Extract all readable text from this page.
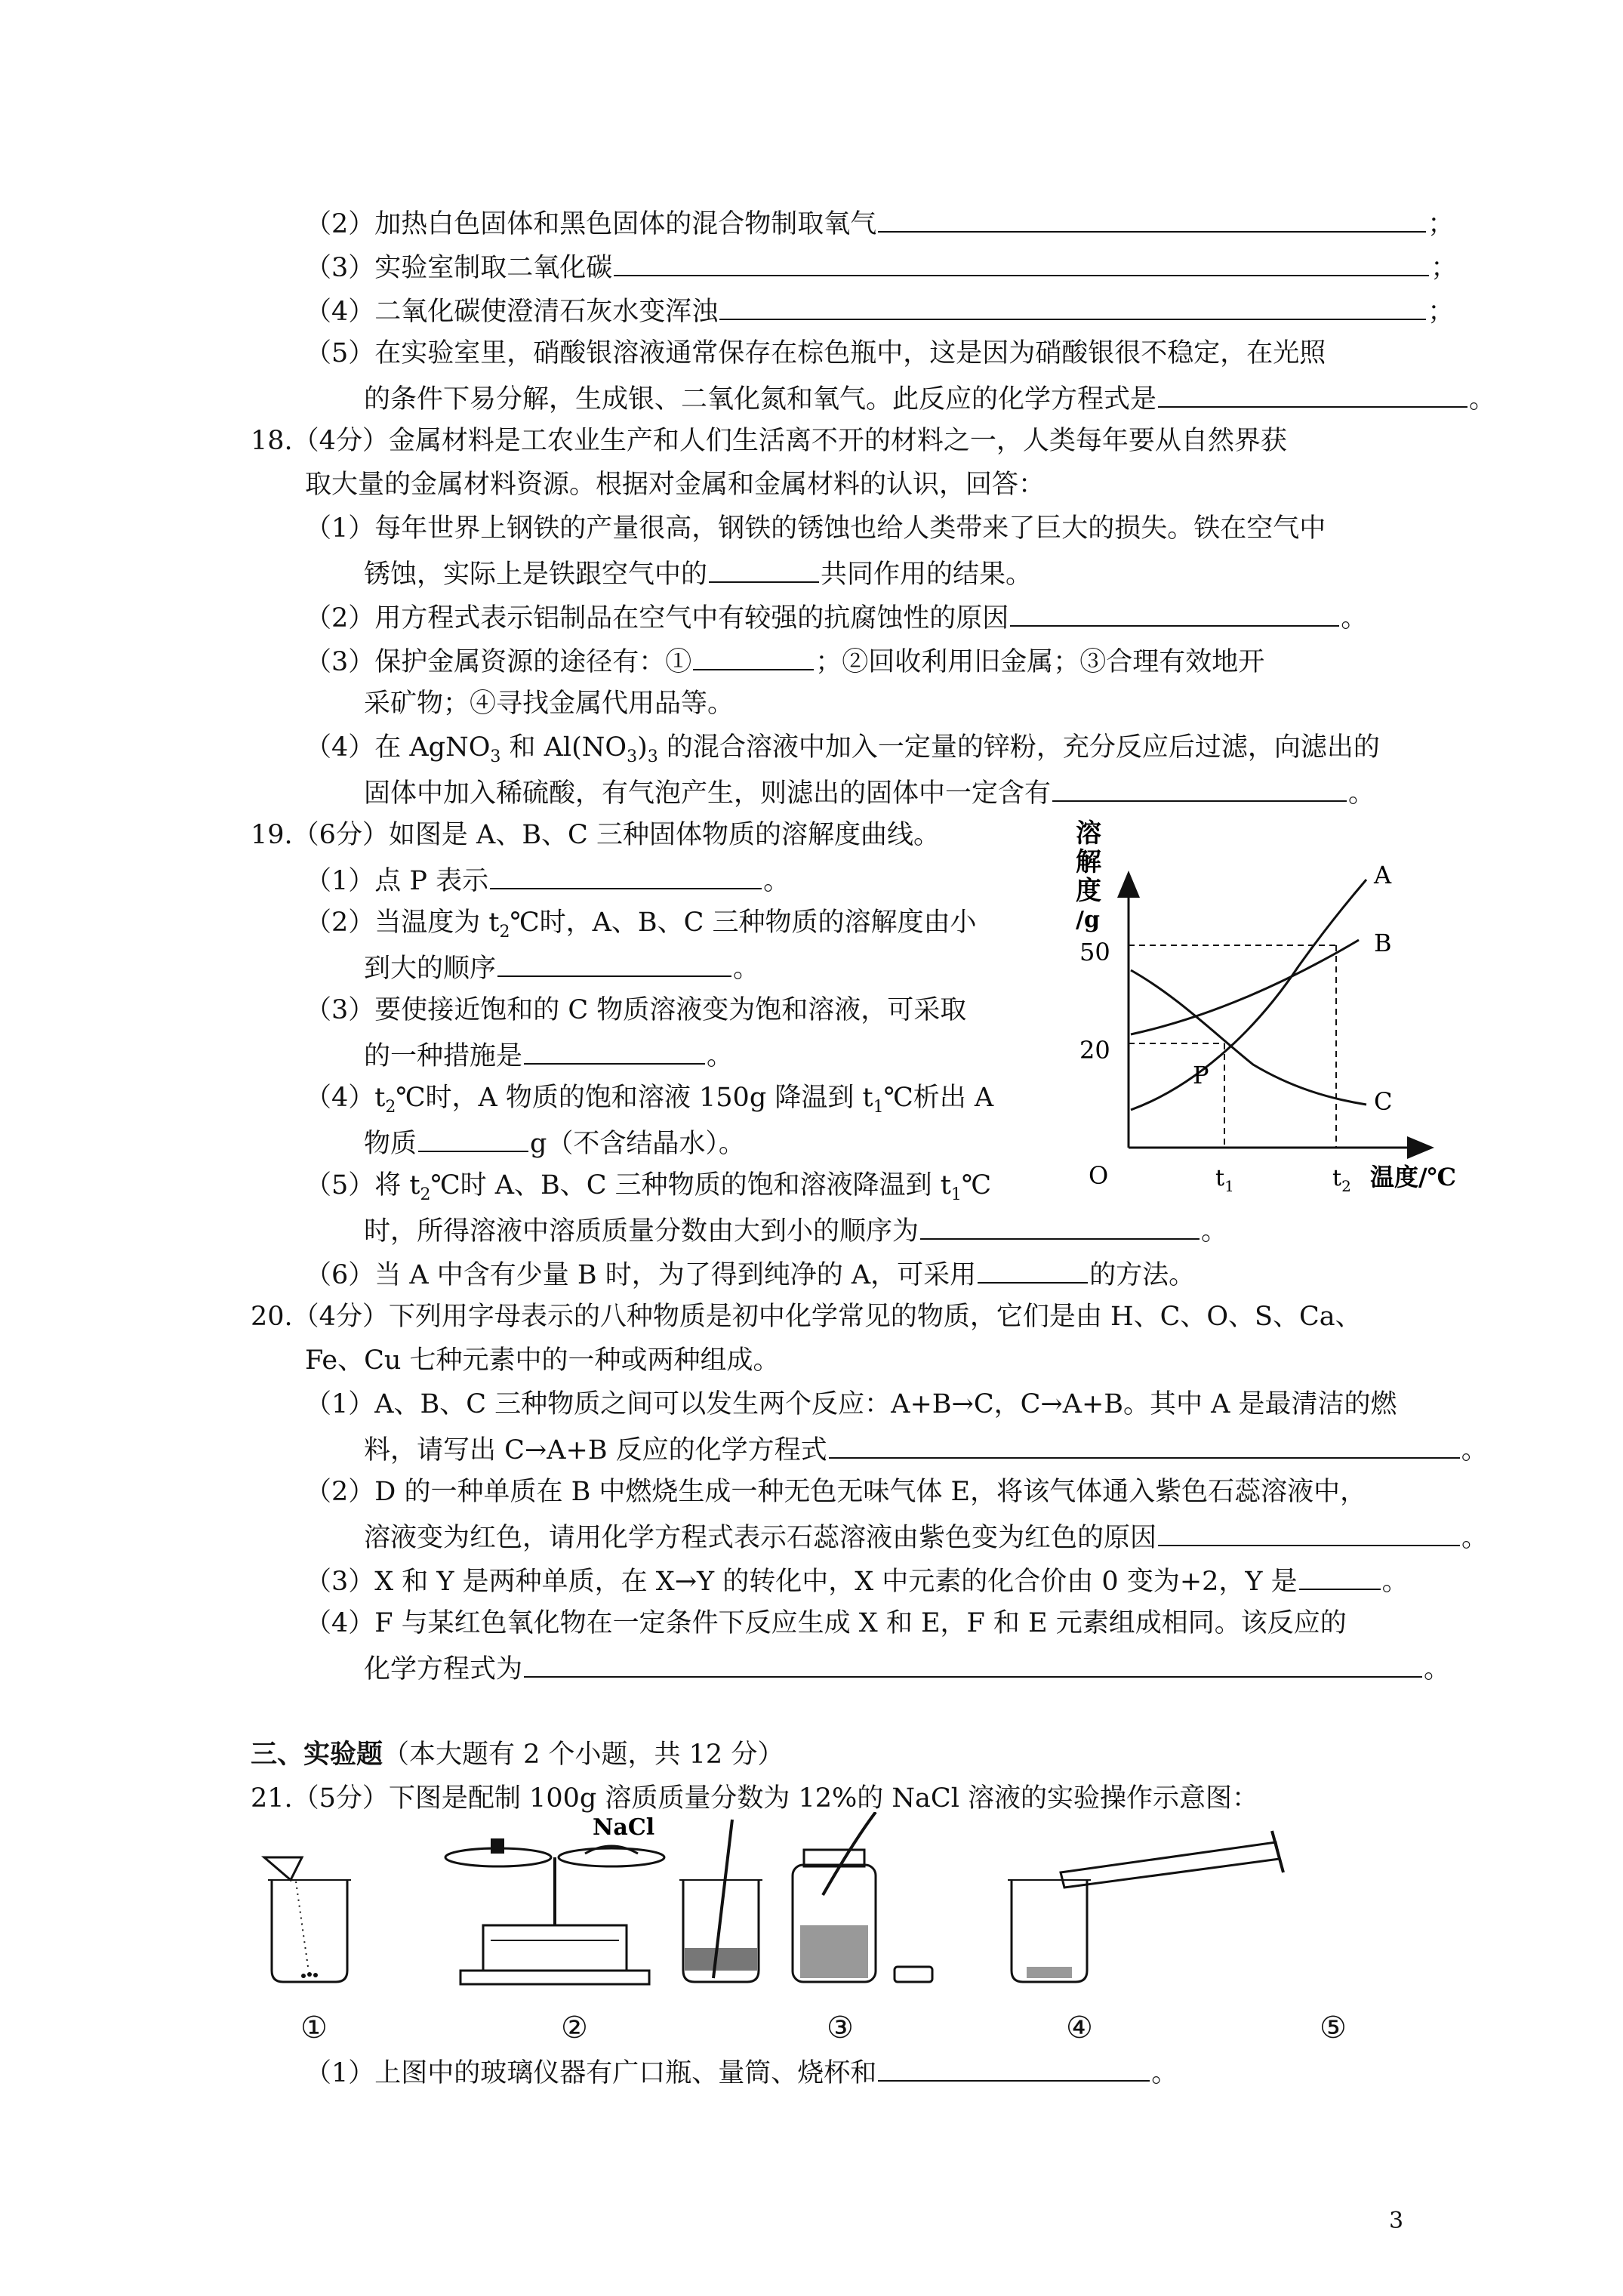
（2）加热白色固体和黑色固体的混合物制取氧气	；
（3）实验室制取二氧化碳	；
（4）二氧化碳使澄清石灰水变浑浊	；
（5）在实验室里，硝酸银溶液通常保存在棕色瓶中，这是因为硝酸银很不稳定，在光照
的条件下易分解，生成银、二氧化氮和氧气。此反应的化学方程式是	。
18.（4分）金属材料是工农业生产和人们生活离不开的材料之一，人类每年要从自然界获
取大量的金属材料资源。根据对金属和金属材料的认识，回答：
（1）每年世界上钢铁的产量很高，钢铁的锈蚀也给人类带来了巨大的损失。铁在空气中
锈蚀，实际上是铁跟空气中的	共同作用的结果。
（2）用方程式表示铝制品在空气中有较强的抗腐蚀性的原因	。
（3）保护金属资源的途径有：①	；②回收利用旧金属；③合理有效地开
采矿物；④寻找金属代用品等。
（4）在 AgNO$_3$ 和 $Al(NO_3)_3$ 的混合溶液中加入一定量的锌粉，充分反应后过滤，向滤出的
固体中加入稀硫酸，有气泡产生，则滤出的固体中一定含有	。
19.（6分）如图是 A、B、C 三种固体物质的溶解度曲线。
（1）点 P 表示	。
（2）当温度为 $t_2℃$时，A、B、C 三种物质的溶解度由小
到大的顺序	。
（3）要使接近饱和的 C 物质溶液变为饱和溶液，可采取
的一种措施是	。
$(4)t_2℃$时，A 物质的饱和溶液 150g 降温到 $t_1℃$析出 A
物质	g（不含结晶水）。
（5）将 $t_2℃$时 A、B、C 三种物质的饱和溶液降温到 $t_1℃$
时，所得溶液中溶质质量分数由大到小的顺序为	。
（6）当 A 中含有少量 B 时，为了得到纯净的 A，可采用	的方法。
溶
解
度
/g
50
20
O	$t_1$	$t_2$ 温度/℃
A
B
C
P
20.（4分）下列用字母表示的八种物质是初中化学常见的物质，它们是由 H、C、O、S、Ca、
Fe、Cu 七种元素中的一种或两种组成。
（1）A、B、C 三种物质之间可以发生两个反应：A+B→C，C→A+B。其中 A 是最清洁的燃
料，请写出 C→A+B 反应的化学方程式	。
（2）D 的一种单质在 B 中燃烧生成一种无色无味气体 E，将该气体通入紫色石蕊溶液中，
溶液变为红色，请用化学方程式表示石蕊溶液由紫色变为红色的原因	。
（3）X 和 Y 是两种单质，在 X→Y 的转化中，X 中元素的化合价由 0 变为+2，Y 是	。
（4）F 与某红色氧化物在一定条件下反应生成 X 和 E，F 和 E 元素组成相同。该反应的
化学方程式为	。
三、实验题（本大题有 2 个小题，共 12 分）
21.（5分）下图是配制 100g 溶质质量分数为 12%的 NaCl 溶液的实验操作示意图：
NaCl
①	②	③	④	⑤
（1）上图中的玻璃仪器有广口瓶、量筒、烧杯和	。
3
